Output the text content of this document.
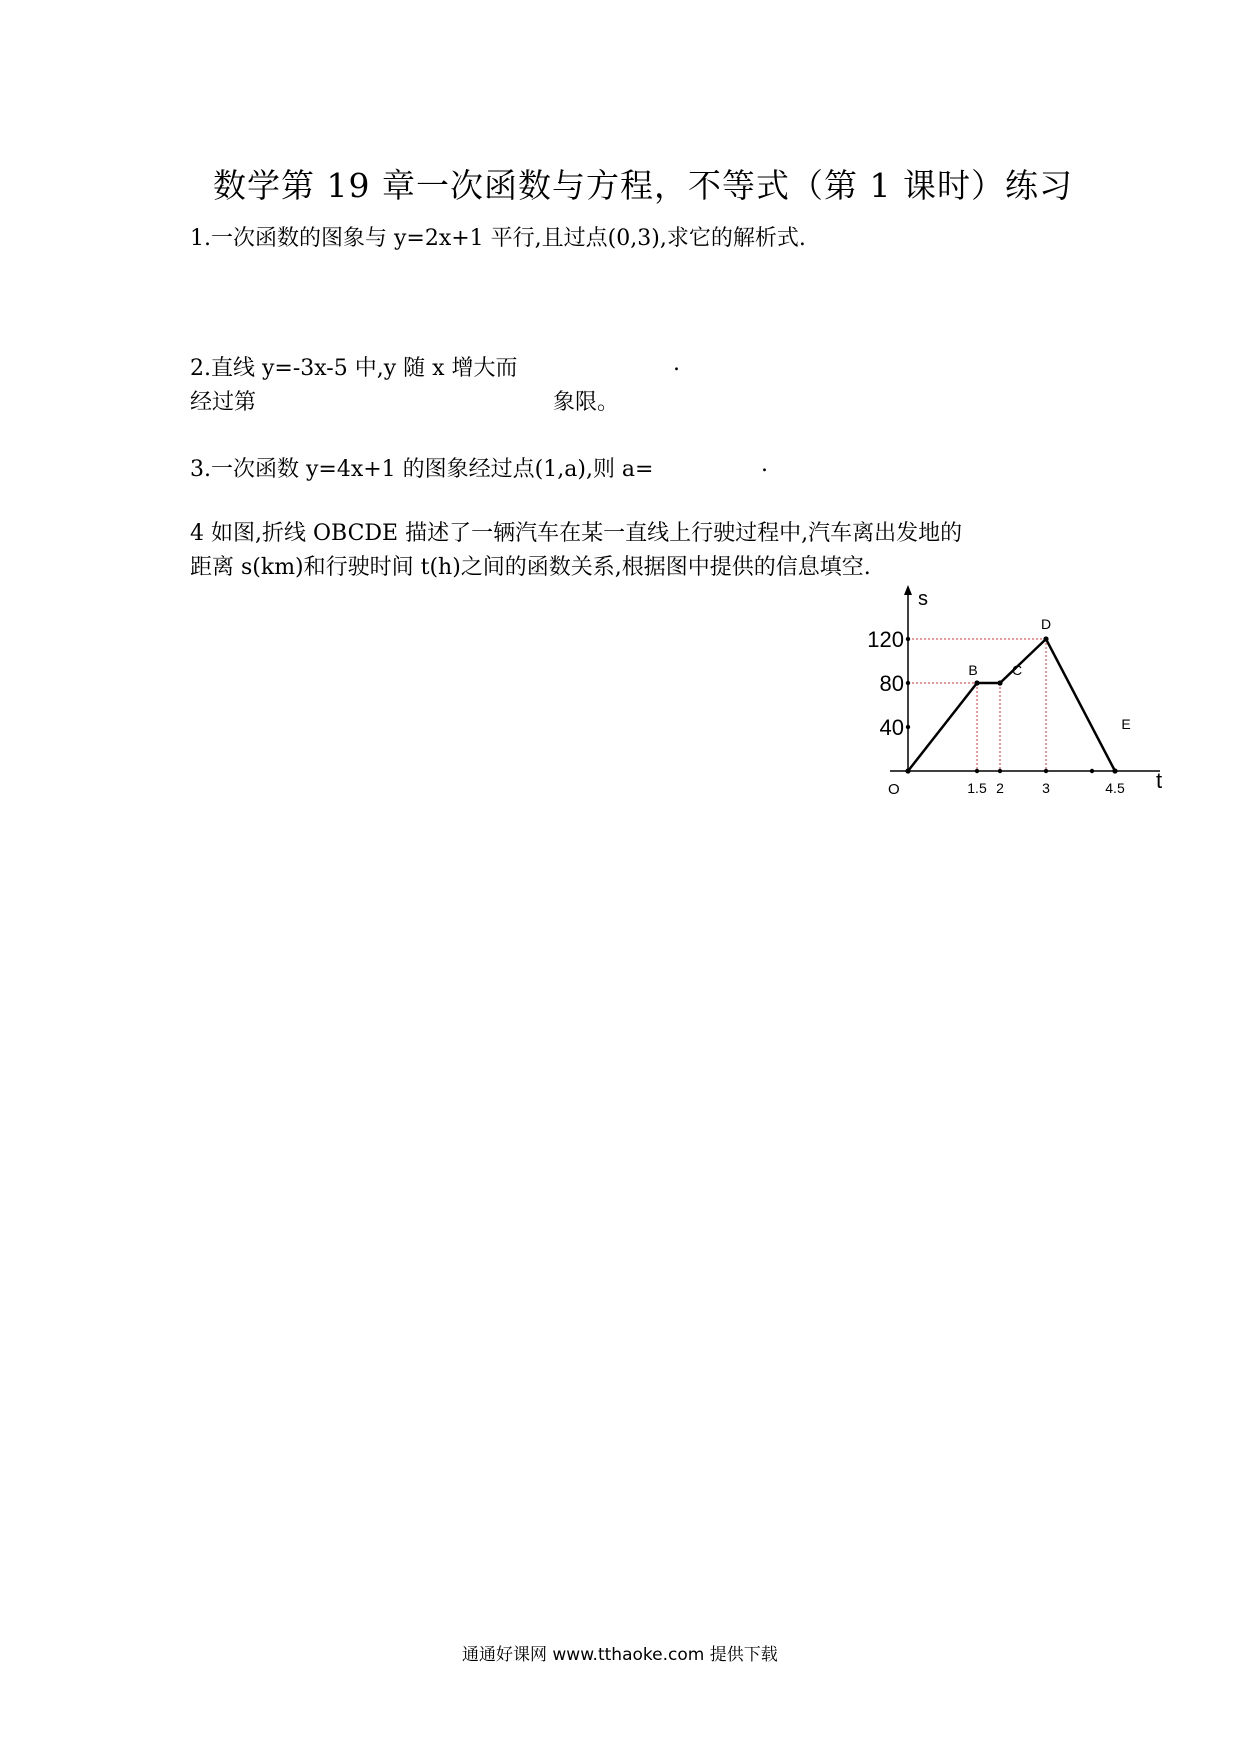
数学第 19 章一次函数与方程，不等式（第 1 课时）练习
1.一次函数的图象与 y=2x+1 平行,且过点(0,3),求它的解析式.
2.直线 y=-3x-5 中,y 随 x 增大而	.
经过第	象限。
3.一次函数 y=4x+1 的图象经过点(1,a),则 a=	.
4 如图,折线 OBCDE 描述了一辆汽车在某一直线上行驶过程中,汽车离出发地的
距离 s(km)和行驶时间 t(h)之间的函数关系,根据图中提供的信息填空.
s
t
O	1.5 2	3	4.5
40
80
120
B C
D
E
通通好课网 www.tthaoke.com 提供下载
